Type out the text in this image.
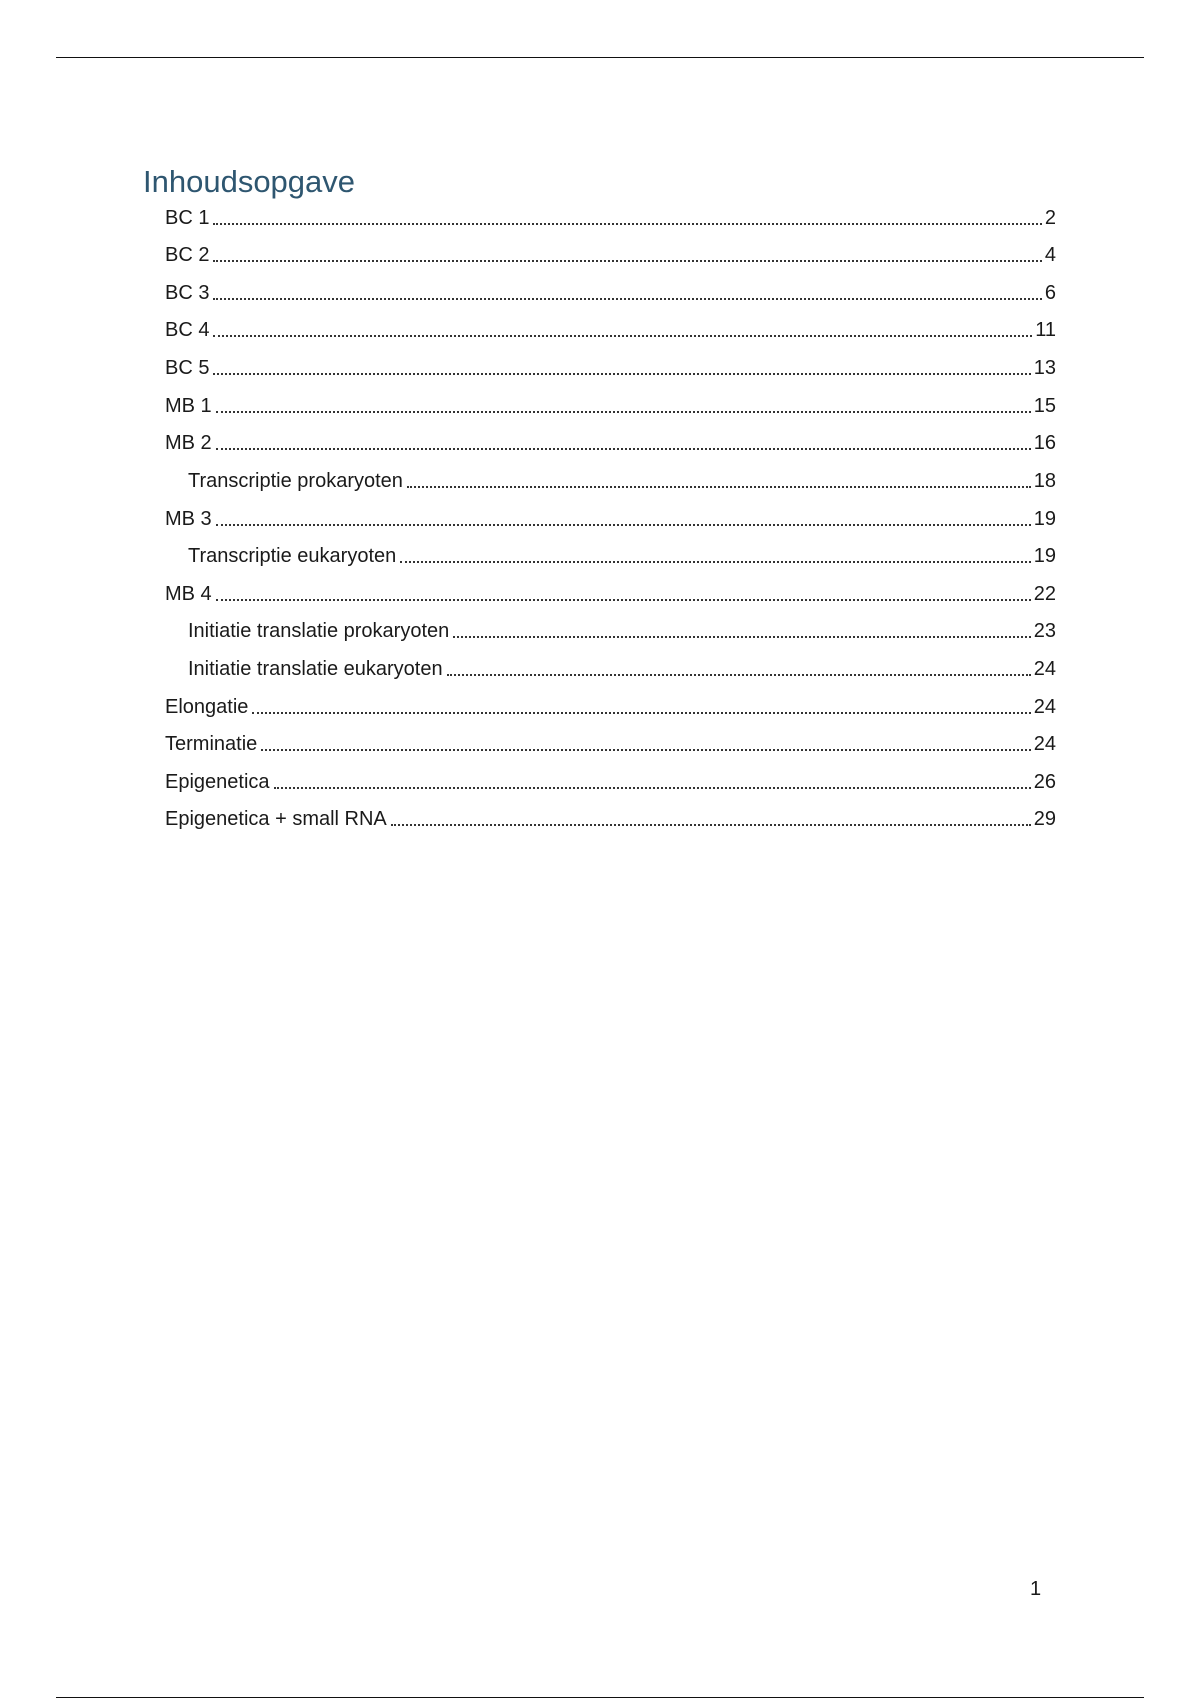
Inhoudsopgave
BC 1	2
BC 2	4
BC 3	6
BC 4	11
BC 5	13
MB 1	15
MB 2	16
Transcriptie prokaryoten	18
MB 3	19
Transcriptie eukaryoten	19
MB 4	22
Initiatie translatie prokaryoten	23
Initiatie translatie eukaryoten	24
Elongatie	24
Terminatie	24
Epigenetica	26
Epigenetica + small RNA	29
1
